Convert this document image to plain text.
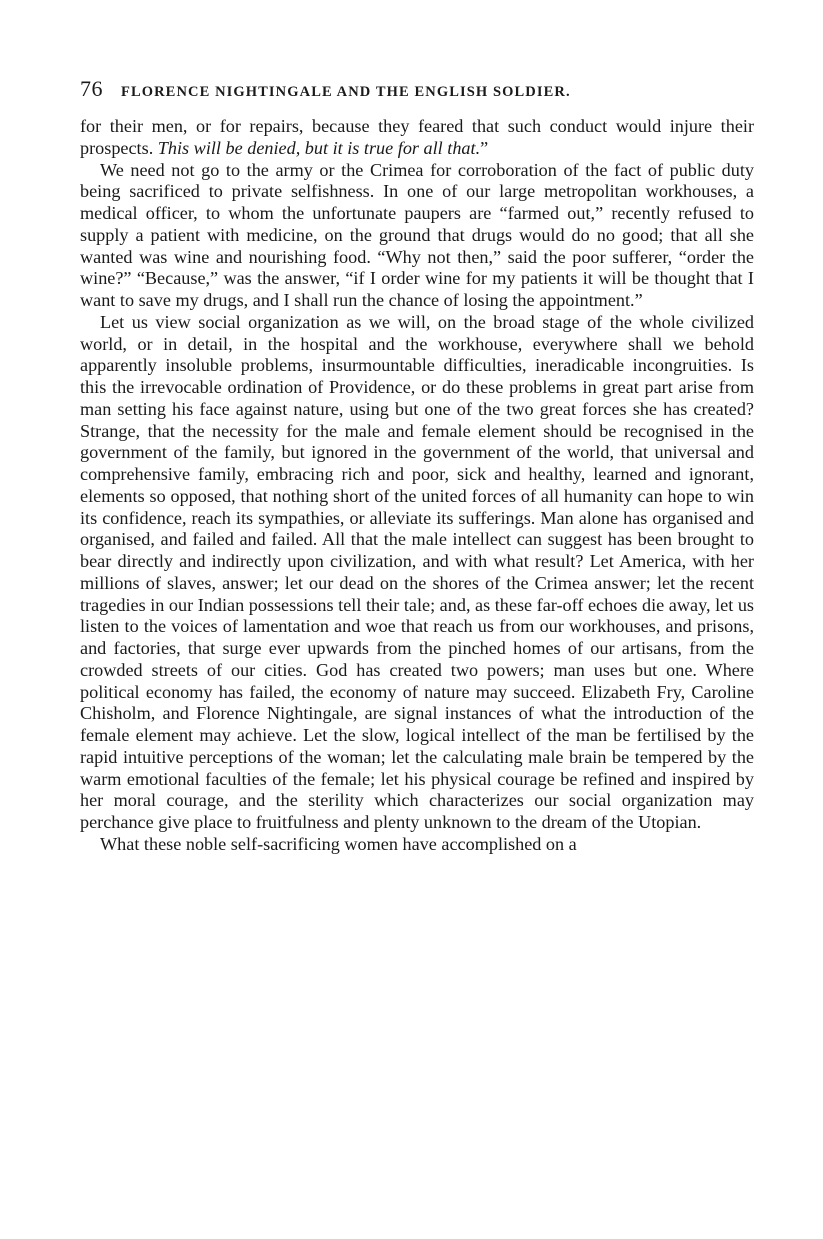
76 FLORENCE NIGHTINGALE AND THE ENGLISH SOLDIER.

for their men, or for repairs, because they feared that such conduct would injure their prospects. This will be denied, but it is true for all that.”

We need not go to the army or the Crimea for corroboration of the fact of public duty being sacrificed to private selfishness. In one of our large metropolitan workhouses, a medical officer, to whom the unfortunate paupers are “farmed out,” recently refused to supply a patient with medicine, on the ground that drugs would do no good; that all she wanted was wine and nourishing food. “Why not then,” said the poor sufferer, “order the wine?” “Because,” was the answer, “if I order wine for my patients it will be thought that I want to save my drugs, and I shall run the chance of losing the appointment.”

Let us view social organization as we will, on the broad stage of the whole civilized world, or in detail, in the hospital and the workhouse, everywhere shall we behold apparently insoluble problems, insurmountable difficulties, ineradicable incongruities. Is this the irrevocable ordination of Providence, or do these problems in great part arise from man setting his face against nature, using but one of the two great forces she has created? Strange, that the necessity for the male and female element should be recognised in the government of the family, but ignored in the government of the world, that universal and comprehensive family, embracing rich and poor, sick and healthy, learned and ignorant, elements so opposed, that nothing short of the united forces of all humanity can hope to win its confidence, reach its sympathies, or alleviate its sufferings. Man alone has organised and organised, and failed and failed. All that the male intellect can suggest has been brought to bear directly and indirectly upon civilization, and with what result? Let America, with her millions of slaves, answer; let our dead on the shores of the Crimea answer; let the recent tragedies in our Indian possessions tell their tale; and, as these far-off echoes die away, let us listen to the voices of lamentation and woe that reach us from our workhouses, and prisons, and factories, that surge ever upwards from the pinched homes of our artisans, from the crowded streets of our cities. God has created two powers; man uses but one. Where political economy has failed, the economy of nature may succeed. Elizabeth Fry, Caroline Chisholm, and Florence Nightingale, are signal instances of what the introduction of the female element may achieve. Let the slow, logical intellect of the man be fertilised by the rapid intuitive perceptions of the woman; let the calculating male brain be tempered by the warm emotional faculties of the female; let his physical courage be refined and inspired by her moral courage, and the sterility which characterizes our social organization may perchance give place to fruitfulness and plenty unknown to the dream of the Utopian.

What these noble self-sacrificing women have accomplished on a
